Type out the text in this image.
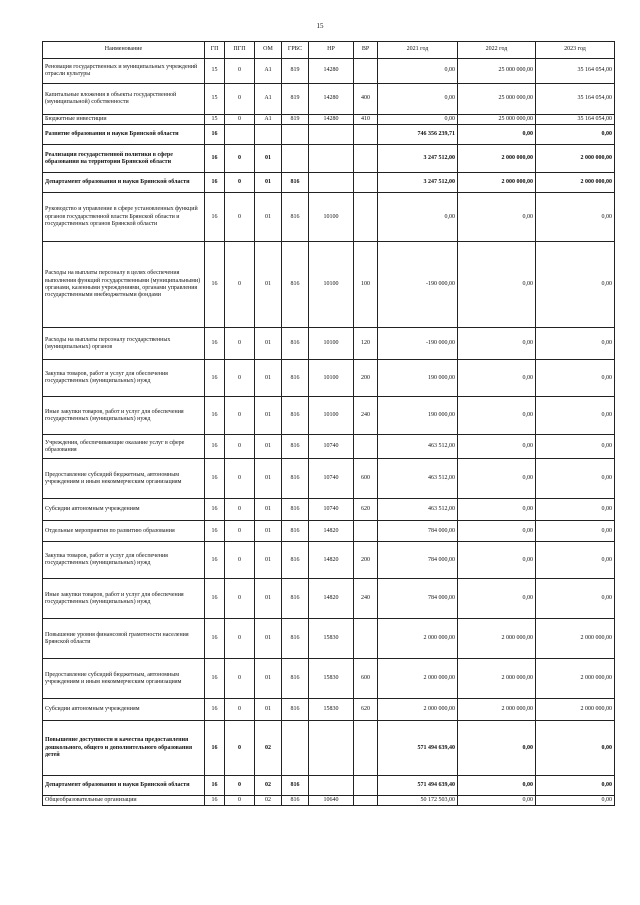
15
Наименование	ГП	ПГП	ОМ	ГРБС	НР	ВР	2021 год	2022 год	2023 год
Реновация государственных и муниципальных учреждений отрасли культуры	15	0	А1	819	14280		0,00	25 000 000,00	35 164 054,00
Капитальные вложения в объекты государственной (муниципальной) собственности	15	0	А1	819	14280	400	0,00	25 000 000,00	35 164 054,00
Бюджетные инвестиции	15	0	А1	819	14280	410	0,00	25 000 000,00	35 164 054,00
Развитие образования и науки Брянской области	16						746 356 239,71	0,00	0,00
Реализация государственной политики в сфере образования на территории Брянской области	16	0	01				3 247 512,00	2 000 000,00	2 000 000,00
Департамент образования и науки Брянской области	16	0	01	816			3 247 512,00	2 000 000,00	2 000 000,00
Руководство и управление в сфере установленных функций органов государственной власти Брянской области и государственных органов Брянской области	16	0	01	816	10100		0,00	0,00	0,00
Расходы на выплаты персоналу в целях обеспечения выполнения функций государственными (муниципальными) органами, казенными учреждениями, органами управления государственными внебюджетными фондами	16	0	01	816	10100	100	-190 000,00	0,00	0,00
Расходы на выплаты персоналу государственных (муниципальных) органов	16	0	01	816	10100	120	-190 000,00	0,00	0,00
Закупка товаров, работ и услуг для обеспечения государственных (муниципальных) нужд	16	0	01	816	10100	200	190 000,00	0,00	0,00
Иные закупки товаров, работ и услуг для обеспечения государственных (муниципальных) нужд	16	0	01	816	10100	240	190 000,00	0,00	0,00
Учреждения, обеспечивающие оказание услуг в сфере образования	16	0	01	816	10740		463 512,00	0,00	0,00
Предоставление субсидий бюджетным, автономным учреждениям и иным некоммерческим организациям	16	0	01	816	10740	600	463 512,00	0,00	0,00
Субсидии автономным учреждениям	16	0	01	816	10740	620	463 512,00	0,00	0,00
Отдельные мероприятия по развитию образования	16	0	01	816	14820		784 000,00	0,00	0,00
Закупка товаров, работ и услуг для обеспечения государственных (муниципальных) нужд	16	0	01	816	14820	200	784 000,00	0,00	0,00
Иные закупки товаров, работ и услуг для обеспечения государственных (муниципальных) нужд	16	0	01	816	14820	240	784 000,00	0,00	0,00
Повышение уровня финансовой грамотности населения Брянской области	16	0	01	816	15830		2 000 000,00	2 000 000,00	2 000 000,00
Предоставление субсидий бюджетным, автономным учреждениям и иным некоммерческим организациям	16	0	01	816	15830	600	2 000 000,00	2 000 000,00	2 000 000,00
Субсидии автономным учреждениям	16	0	01	816	15830	620	2 000 000,00	2 000 000,00	2 000 000,00
Повышение доступности и качества предоставления дошкольного, общего и дополнительного образования детей	16	0	02				571 494 639,40	0,00	0,00
Департамент образования и науки Брянской области	16	0	02	816			571 494 639,40	0,00	0,00
Общеобразовательные организации	16	0	02	816	10640		50 172 503,00	0,00	0,00
